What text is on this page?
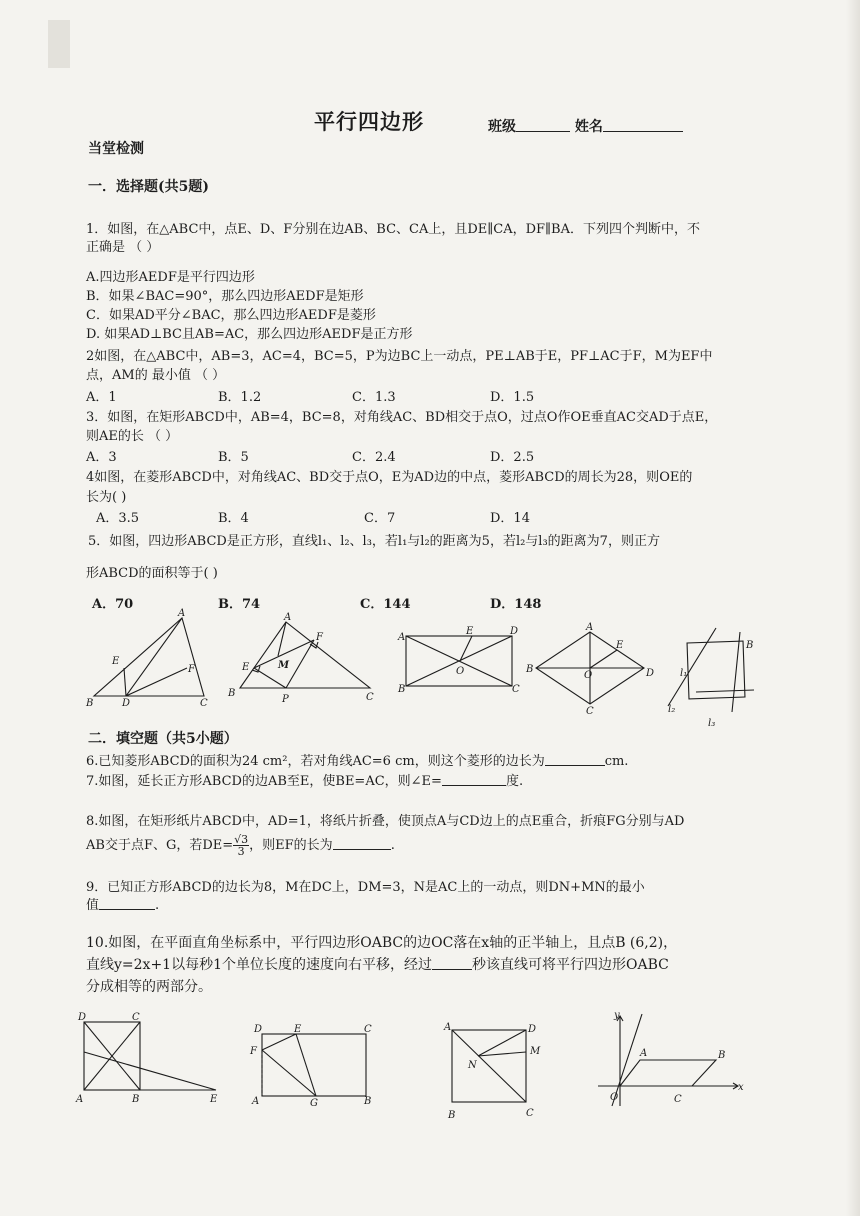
平行四边形	班级	姓名
当堂检测
一．选择题(共5题)
1．如图，在△ABC中，点E、D、F分别在边AB、BC、CA上，且DE∥CA，DF∥BA．下列四个判断中，不
正确是 （ ）
A.四边形AEDF是平行四边形
B．如果∠BAC=90°，那么四边形AEDF是矩形
C．如果AD平分∠BAC，那么四边形AEDF是菱形
D. 如果AD⊥BC且AB=AC，那么四边形AEDF是正方形
2如图，在△ABC中，AB=3，AC=4，BC=5，P为边BC上一动点，PE⊥AB于E，PF⊥AC于F，M为EF中
点，AM的 最小值 （ ）
A．1	B．1.2	C．1.3	D．1.5
3．如图，在矩形ABCD中，AB=4，BC=8，对角线AC、BD相交于点O，过点O作OE垂直AC交AD于点E，
则AE的长 （ ）
A．3	B．5	C．2.4	D．2.5
4如图，在菱形ABCD中，对角线AC、BD交于点O，E为AD边的中点，菱形ABCD的周长为28，则OE的
长为( )
A．3.5	B．4	C．7	D．14
5．如图，四边形ABCD是正方形，直线l₁、l₂、l₃，若l₁与l₂的距离为5，若l₂与l₃的距离为7，则正方
形ABCD的面积等于( )
A．70	B．74	C．144	D．148
A
E
F
B	D	C
A
E
F
M
B
P	C
A
E	D
O
B	C
A
E
B
O	D
C
B
l₁
l₂
l₃
二．填空题（共5小题）
6.已知菱形ABCD的面积为24 cm²，若对角线AC=6 cm，则这个菱形的边长为	cm.
7.如图，延长正方形ABCD的边AB至E，使BE=AC，则∠E=	度.
8.如图，在矩形纸片ABCD中，AD=1，将纸片折叠，使顶点A与CD边上的点E重合，折痕FG分别与AD
AB交于点F、G，若$DE= \frac{√3}{3}$，则EF的长为	.
9．已知正方形ABCD的边长为8，M在DC上，DM=3，N是AC上的一动点，则DN+MN的最小
值	.
10.如图，在平面直角坐标系中，平行四边形OABC的边OC落在x轴的正半轴上，且点B (6,2)，
直线y=2x+1以每秒1个单位长度的速度向右平移，经过	秒该直线可将平行四边形OABC
分成相等的两部分。
D	C
A	B	E
D	E	C
F
A	G	B
A	D
M
N
B	C
y
x
A	B
O	C
